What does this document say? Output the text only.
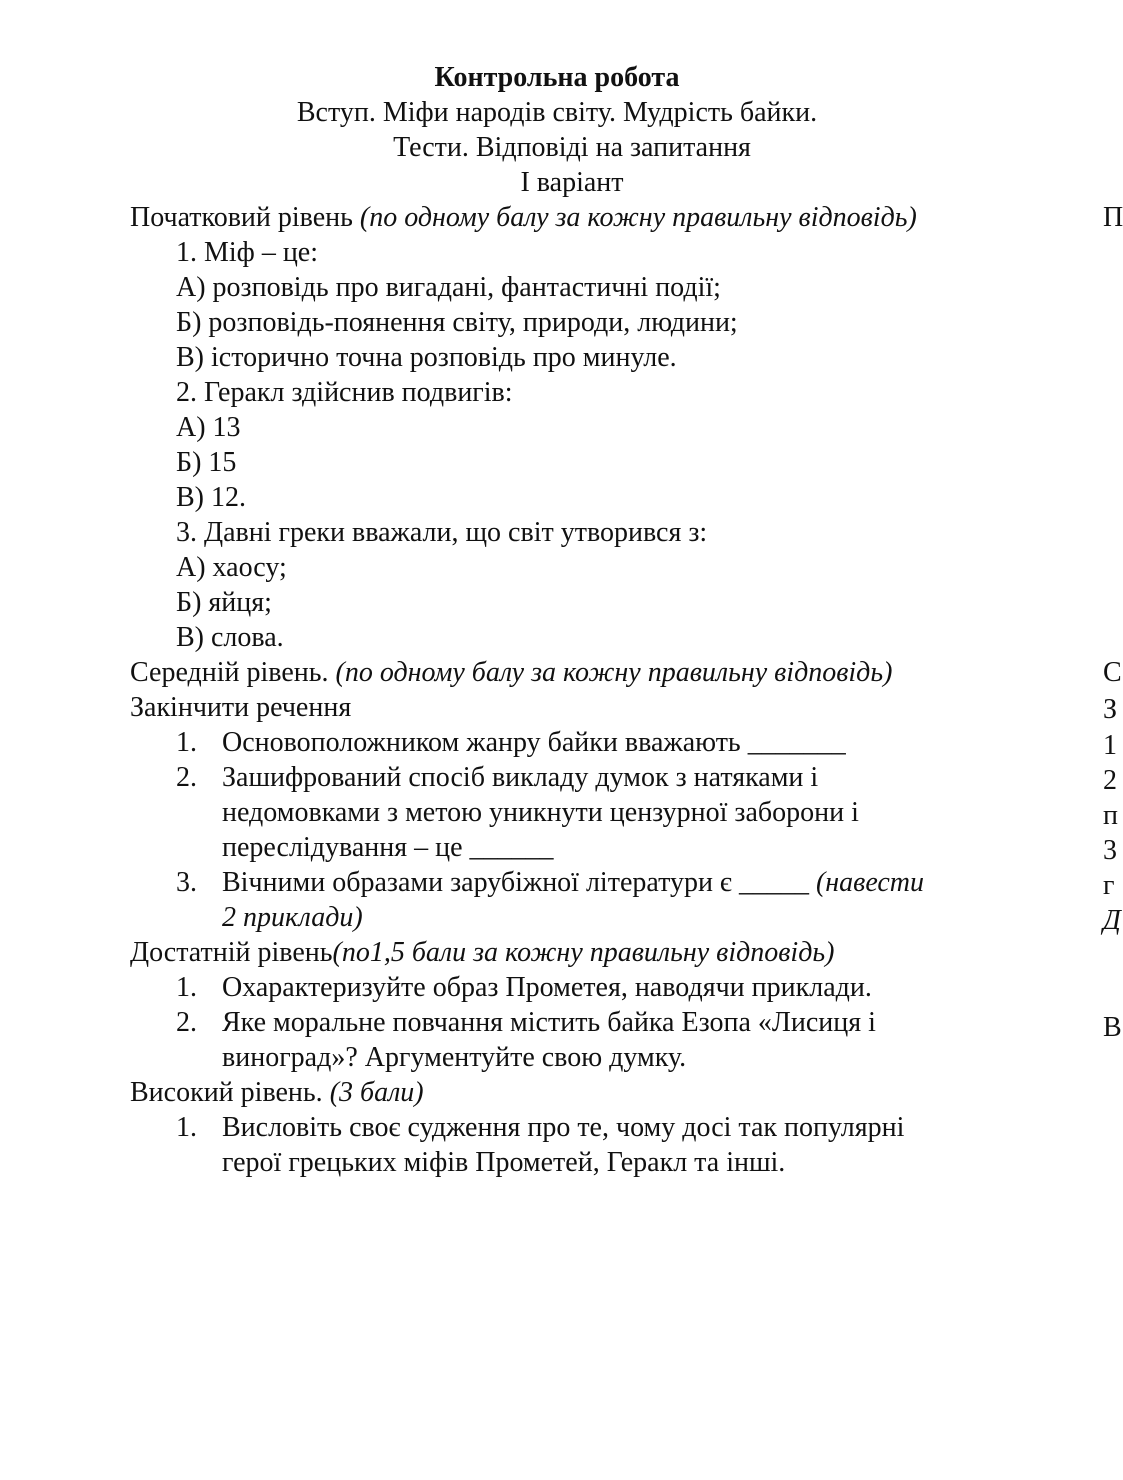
Контрольна робота

Вступ. Міфи народів світу. Мудрість байки.

Тести. Відповіді на запитання

І варіант

Початковий рівень (по одному балу за кожну правильну відповідь)

1. Міф – це:

А) розповідь про вигадані, фантастичні події;

Б) розповідь-поянення світу, природи, людини;

В) історично точна розповідь про минуле.

2. Геракл здійснив подвигів:

А) 13

Б) 15

В) 12.

3. Давні греки вважали, що світ утворився з:

А) хаосу;

Б) яйця;

В) слова.

Середній рівень. (по одному балу за кожну правильну відповідь)

Закінчити речення

1. Основоположником жанру байки вважають _______
2. Зашифрований спосіб викладу думок з натяками і
недомовками з метою уникнути цензурної заборони і
переслідування – це ______
3. Вічними образами зарубіжної літератури є _____ (навести
2 приклади)

Достатній рівень(по1,5 бали за кожну правильну відповідь)

1. Охарактеризуйте образ Прометея, наводячи приклади.
2. Яке моральне повчання містить байка Езопа «Лисиця і
виноград»? Аргументуйте свою думку.

Високий рівень. (3 бали)

1. Висловіть своє судження про те, чому досі так популярні
герої грецьких міфів Прометей, Геракл та інші.
П
С
З
1
2
п
3
г
Д
В
